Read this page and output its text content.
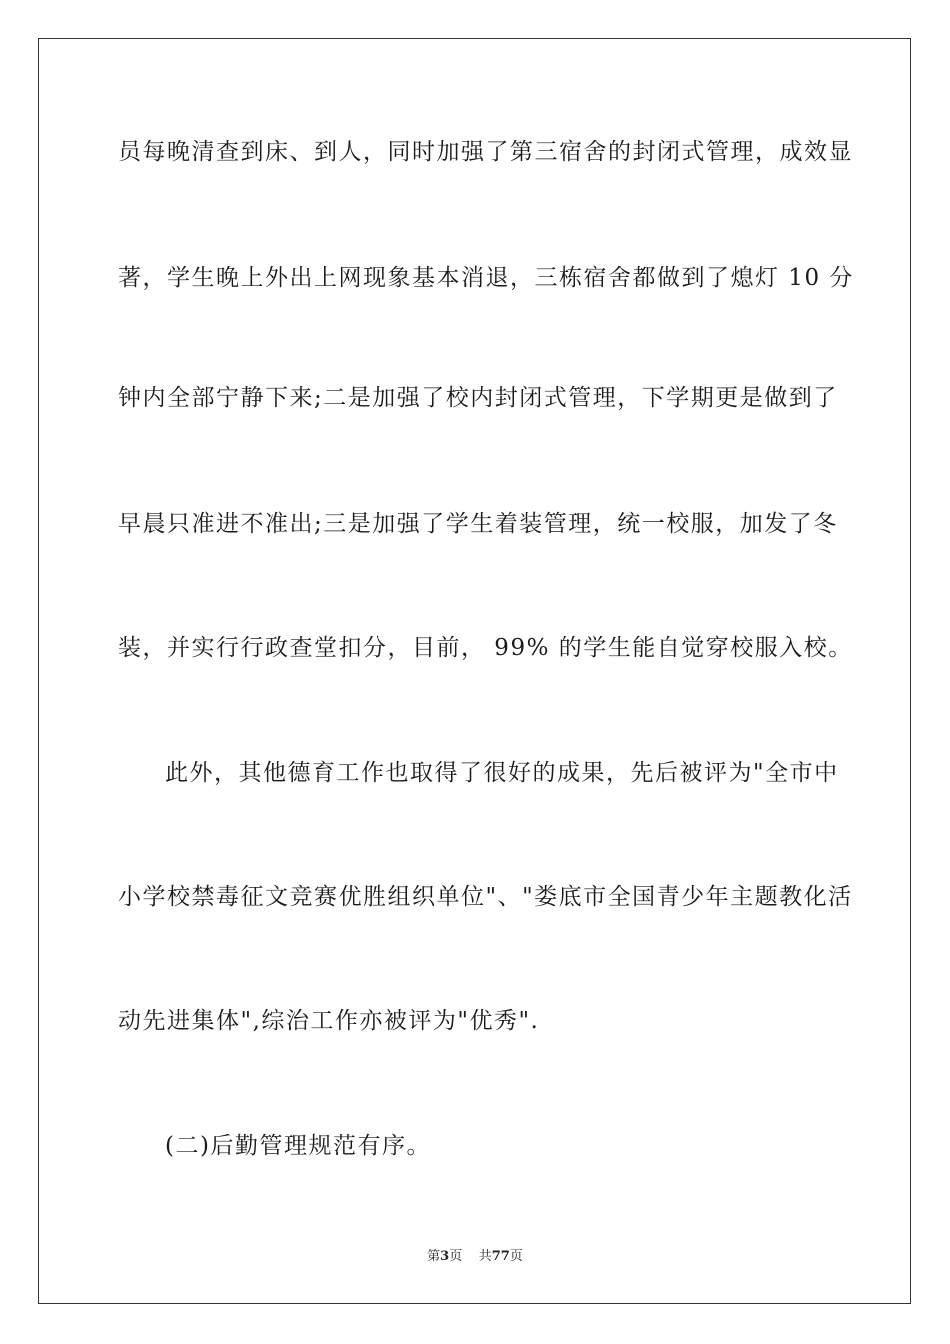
员每晚清查到床、到人，同时加强了第三宿舍的封闭式管理，成效显
著，学生晚上外出上网现象基本消退，三栋宿舍都做到了熄灯 10 分
钟内全部宁静下来;二是加强了校内封闭式管理，下学期更是做到了
早晨只准进不准出;三是加强了学生着装管理，统一校服，加发了冬
装，并实行行政查堂扣分，目前， 99% 的学生能自觉穿校服入校。
此外，其他德育工作也取得了很好的成果，先后被评为"全市中
小学校禁毒征文竞赛优胜组织单位"、"娄底市全国青少年主题教化活
动先进集体",综治工作亦被评为"优秀".
(二)后勤管理规范有序。
第3页 共77页
